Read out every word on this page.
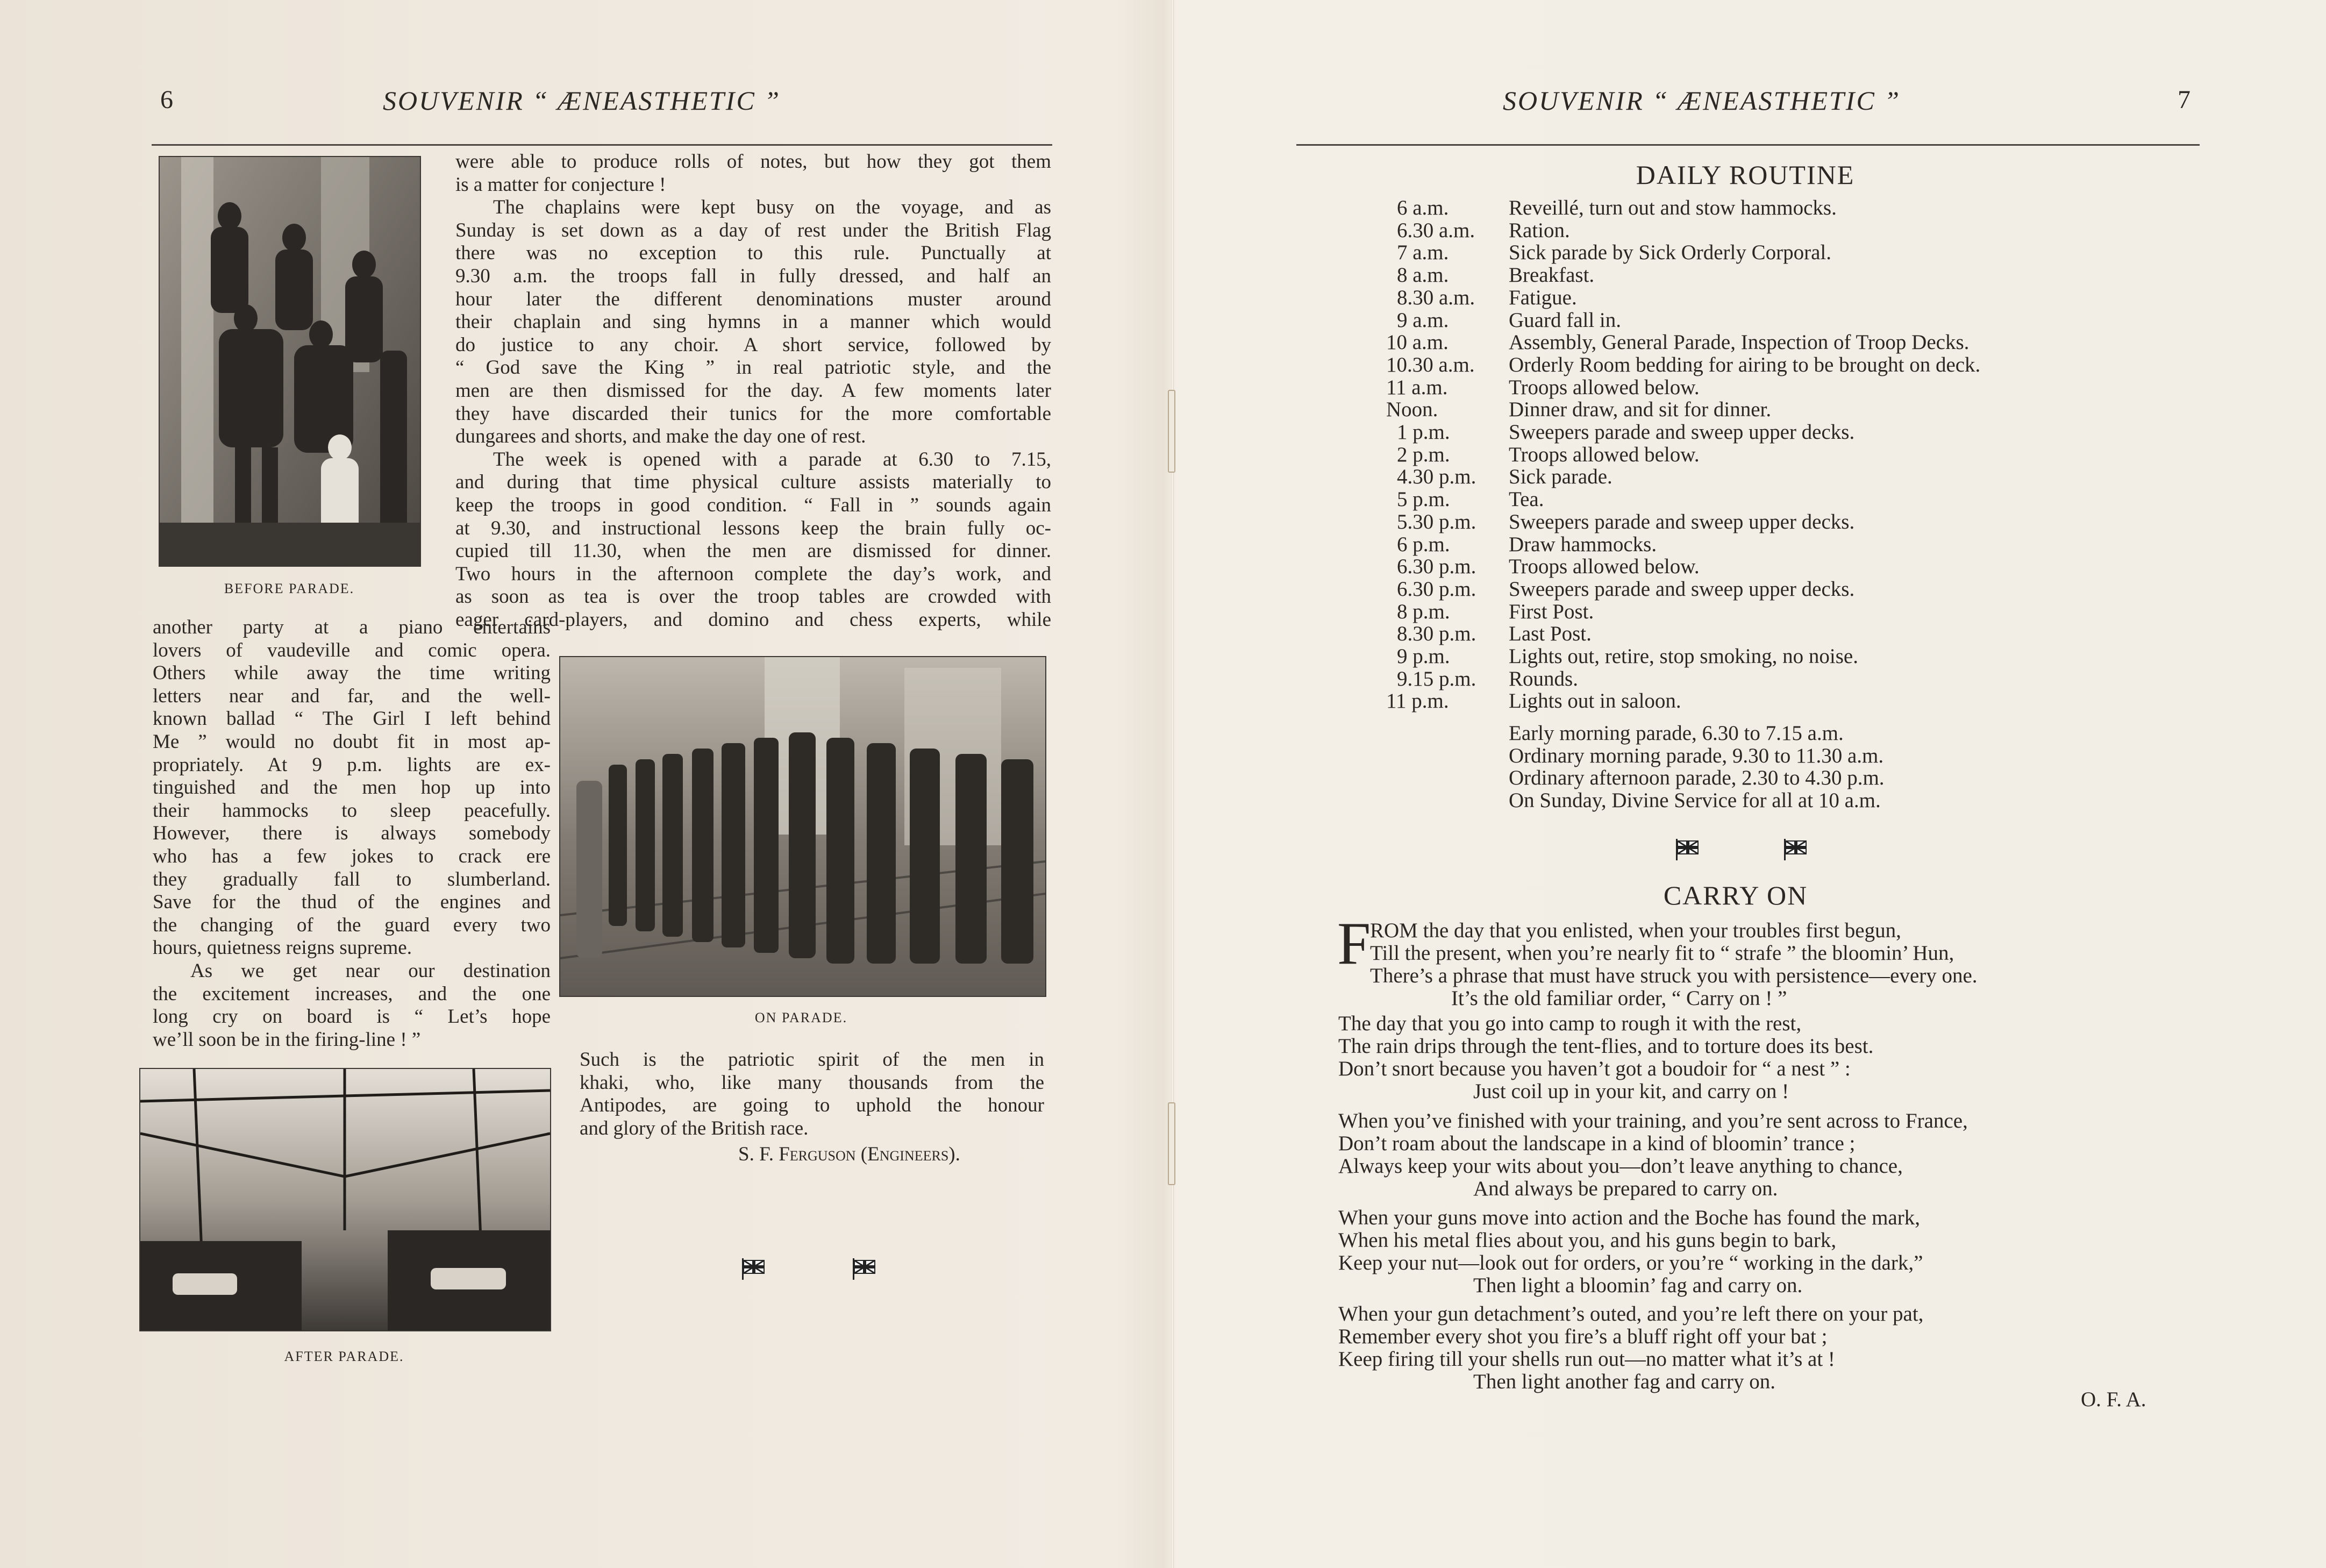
6	SOUVENIR “ ÆNEASTHETIC ”
BEFORE PARADE.
were able to produce rolls of notes, but how they got them
is a matter for conjecture !
The chaplains were kept busy on the voyage, and as
Sunday is set down as a day of rest under the British Flag
there was no exception to this rule. Punctually at
9.30 a.m. the troops fall in fully dressed, and half an
hour later the different denominations muster around
their chaplain and sing hymns in a manner which would
do justice to any choir. A short service, followed by
“ God save the King ” in real patriotic style, and the
men are then dismissed for the day. A few moments later
they have discarded their tunics for the more comfortable
dungarees and shorts, and make the day one of rest.
The week is opened with a parade at 6.30 to 7.15,
and during that time physical culture assists materially to
keep the troops in good condition. “ Fall in ” sounds again
at 9.30, and instructional lessons keep the brain fully oc-
cupied till 11.30, when the men are dismissed for dinner.
Two hours in the afternoon complete the day’s work, and
as soon as tea is over the troop tables are crowded with
eager card-players, and domino and chess experts, while
another party at a piano entertains
lovers of vaudeville and comic opera.
Others while away the time writing
letters near and far, and the well-
known ballad “ The Girl I left behind
Me ” would no doubt fit in most ap-
propriately. At 9 p.m. lights are ex-
tinguished and the men hop up into
their hammocks to sleep peacefully.
However, there is always somebody
who has a few jokes to crack ere
they gradually fall to slumberland.
Save for the thud of the engines and
the changing of the guard every two
hours, quietness reigns supreme.
As we get near our destination
the excitement increases, and the one
long cry on board is “ Let’s hope
we’ll soon be in the firing-line ! ”
ON PARADE.
AFTER PARADE.
Such is the patriotic spirit of the men in
khaki, who, like many thousands from the
Antipodes, are going to uphold the honour
and glory of the British race.
S. F. Ferguson (Engineers).
SOUVENIR “ ÆNEASTHETIC ”	7
DAILY ROUTINE
6 a.m.	Reveillé, turn out and stow hammocks.
6.30 a.m.	Ration.
7 a.m.	Sick parade by Sick Orderly Corporal.
8 a.m.	Breakfast.
8.30 a.m.	Fatigue.
9 a.m.	Guard fall in.
10 a.m.	Assembly, General Parade, Inspection of Troop Decks.
10.30 a.m.	Orderly Room bedding for airing to be brought on deck.
11 a.m.	Troops allowed below.
Noon.	Dinner draw, and sit for dinner.
1 p.m.	Sweepers parade and sweep upper decks.
2 p.m.	Troops allowed below.
4.30 p.m.	Sick parade.
5 p.m.	Tea.
5.30 p.m.	Sweepers parade and sweep upper decks.
6 p.m.	Draw hammocks.
6.30 p.m.	Troops allowed below.
6.30 p.m.	Sweepers parade and sweep upper decks.
8 p.m.	First Post.
8.30 p.m.	Last Post.
9 p.m.	Lights out, retire, stop smoking, no noise.
9.15 p.m.	Rounds.
11 p.m.	Lights out in saloon.
Early morning parade, 6.30 to 7.15 a.m.
Ordinary morning parade, 9.30 to 11.30 a.m.
Ordinary afternoon parade, 2.30 to 4.30 p.m.
On Sunday, Divine Service for all at 10 a.m.
CARRY ON
F
ROM the day that you enlisted, when your troubles first begun,
Till the present, when you’re nearly fit to “ strafe ” the bloomin’ Hun,
There’s a phrase that must have struck you with persistence—every one.
It’s the old familiar order, “ Carry on ! ”
The day that you go into camp to rough it with the rest,
The rain drips through the tent-flies, and to torture does its best.
Don’t snort because you haven’t got a boudoir for “ a nest ” :
Just coil up in your kit, and carry on !
When you’ve finished with your training, and you’re sent across to France,
Don’t roam about the landscape in a kind of bloomin’ trance ;
Always keep your wits about you—don’t leave anything to chance,
And always be prepared to carry on.
When your guns move into action and the Boche has found the mark,
When his metal flies about you, and his guns begin to bark,
Keep your nut—look out for orders, or you’re “ working in the dark,”
Then light a bloomin’ fag and carry on.
When your gun detachment’s outed, and you’re left there on your pat,
Remember every shot you fire’s a bluff right off your bat ;
Keep firing till your shells run out—no matter what it’s at !
Then light another fag and carry on.
O. F. A.
